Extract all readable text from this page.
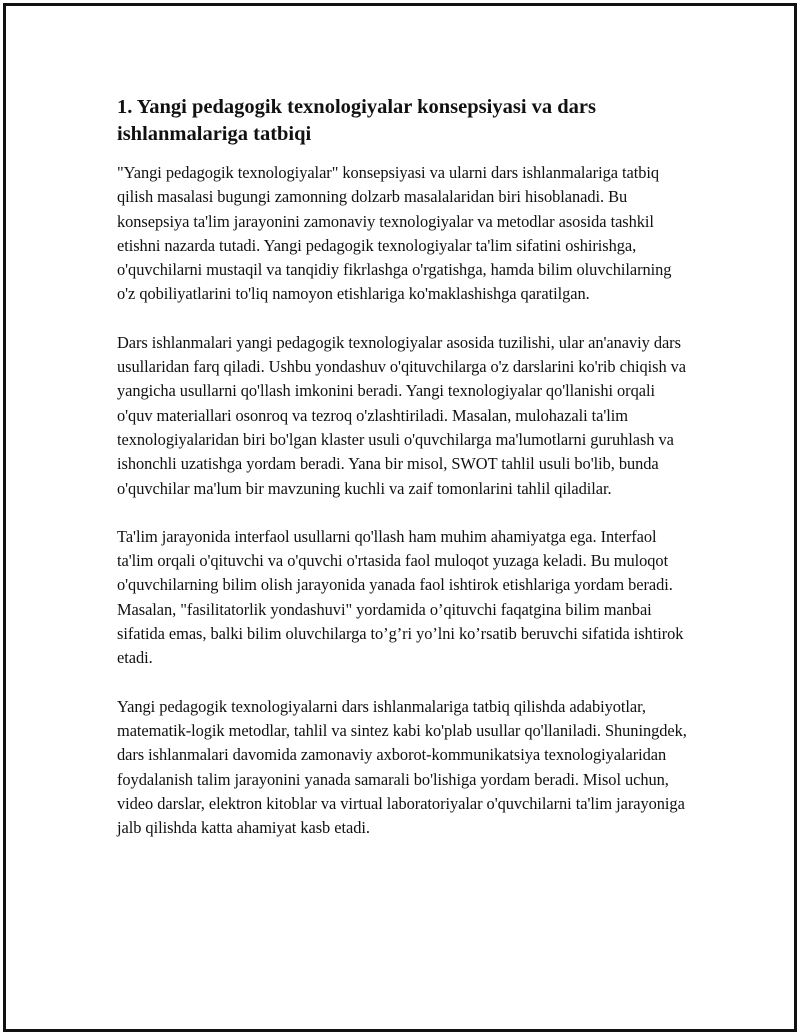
1. Yangi pedagogik texnologiyalar konsepsiyasi va dars ishlanmalariga tatbiqi

"Yangi pedagogik texnologiyalar" konsepsiyasi va ularni dars ishlanmalariga tatbiq qilish masalasi bugungi zamonning dolzarb masalalaridan biri hisoblanadi. Bu konsepsiya ta'lim jarayonini zamonaviy texnologiyalar va metodlar asosida tashkil etishni nazarda tutadi. Yangi pedagogik texnologiyalar ta'lim sifatini oshirishga, o'quvchilarni mustaqil va tanqidiy fikrlashga o'rgatishga, hamda bilim oluvchilarning o'z qobiliyatlarini to'liq namoyon etishlariga ko'maklashishga qaratilgan.

Dars ishlanmalari yangi pedagogik texnologiyalar asosida tuzilishi, ular an'anaviy dars usullaridan farq qiladi. Ushbu yondashuv o'qituvchilarga o'z darslarini ko'rib chiqish va yangicha usullarni qo'llash imkonini beradi. Yangi texnologiyalar qo'llanishi orqali o'quv materiallari osonroq va tezroq o'zlashtiriladi. Masalan, mulohazali ta'lim texnologiyalaridan biri bo'lgan klaster usuli o'quvchilarga ma'lumotlarni guruhlash va ishonchli uzatishga yordam beradi. Yana bir misol, SWOT tahlil usuli bo'lib, bunda o'quvchilar ma'lum bir mavzuning kuchli va zaif tomonlarini tahlil qiladilar.

Ta'lim jarayonida interfaol usullarni qo'llash ham muhim ahamiyatga ega. Interfaol ta'lim orqali o'qituvchi va o'quvchi o'rtasida faol muloqot yuzaga keladi. Bu muloqot o'quvchilarning bilim olish jarayonida yanada faol ishtirok etishlariga yordam beradi. Masalan, "fasilitatorlik yondashuvi" yordamida o’qituvchi faqatgina bilim manbai sifatida emas, balki bilim oluvchilarga to’g’ri yo’lni ko’rsatib beruvchi sifatida ishtirok etadi.

Yangi pedagogik texnologiyalarni dars ishlanmalariga tatbiq qilishda adabiyotlar, matematik-logik metodlar, tahlil va sintez kabi ko'plab usullar qo'llaniladi. Shuningdek, dars ishlanmalari davomida zamonaviy axborot-kommunikatsiya texnologiyalaridan foydalanish talim jarayonini yanada samarali bo'lishiga yordam beradi. Misol uchun, video darslar, elektron kitoblar va virtual laboratoriyalar o'quvchilarni ta'lim jarayoniga jalb qilishda katta ahamiyat kasb etadi.
